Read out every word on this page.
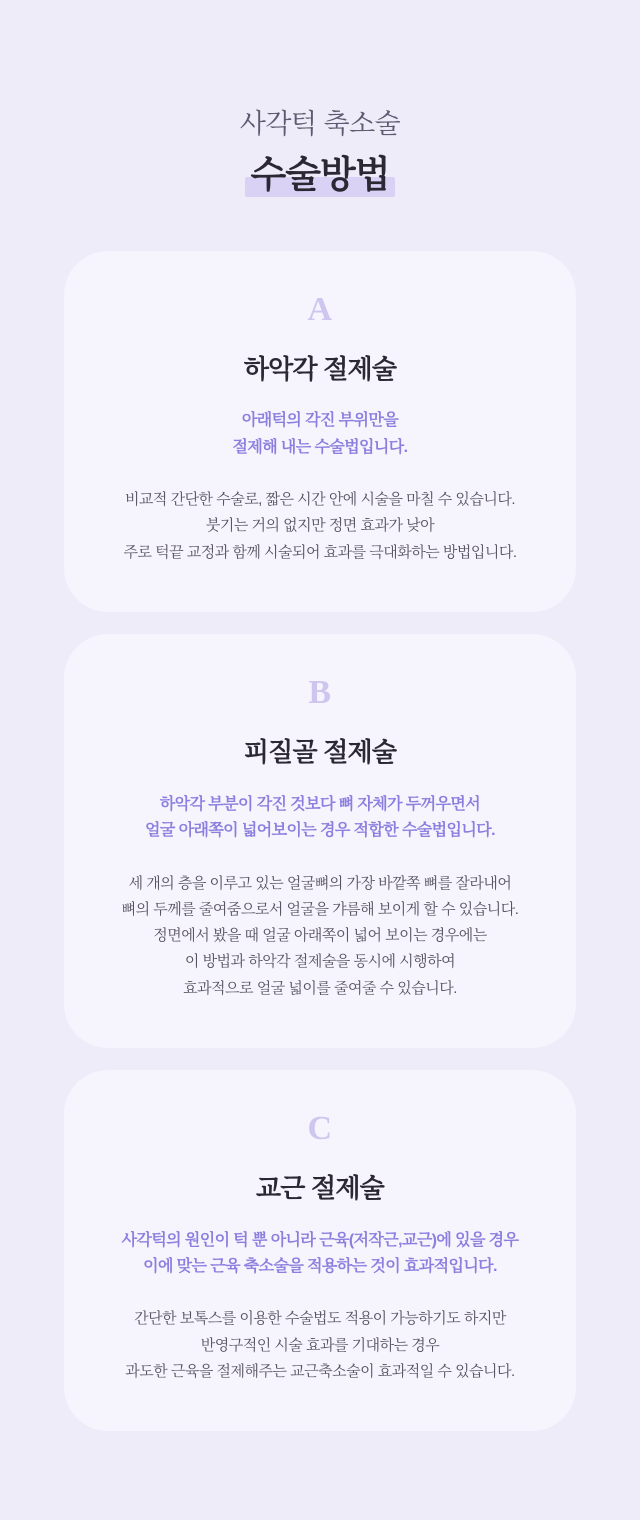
사각턱 축소술
수술방법
A
하악각 절제술
아래턱의 각진 부위만을
절제해 내는 수술법입니다.
비교적 간단한 수술로, 짧은 시간 안에 시술을 마칠 수 있습니다.
붓기는 거의 없지만 정면 효과가 낮아
주로 턱끝 교정과 함께 시술되어 효과를 극대화하는 방법입니다.
B
피질골 절제술
하악각 부분이 각진 것보다 뼈 자체가 두꺼우면서
얼굴 아래쪽이 넓어보이는 경우 적합한 수술법입니다.
세 개의 층을 이루고 있는 얼굴뼈의 가장 바깥쪽 뼈를 잘라내어
뼈의 두께를 줄여줌으로서 얼굴을 갸름해 보이게 할 수 있습니다.
정면에서 봤을 때 얼굴 아래쪽이 넓어 보이는 경우에는
이 방법과 하악각 절제술을 동시에 시행하여
효과적으로 얼굴 넓이를 줄여줄 수 있습니다.
C
교근 절제술
사각턱의 원인이 턱 뿐 아니라 근육(저작근,교근)에 있을 경우
이에 맞는 근육 축소술을 적용하는 것이 효과적입니다.
간단한 보톡스를 이용한 수술법도 적용이 가능하기도 하지만
반영구적인 시술 효과를 기대하는 경우
과도한 근육을 절제해주는 교근축소술이 효과적일 수 있습니다.
